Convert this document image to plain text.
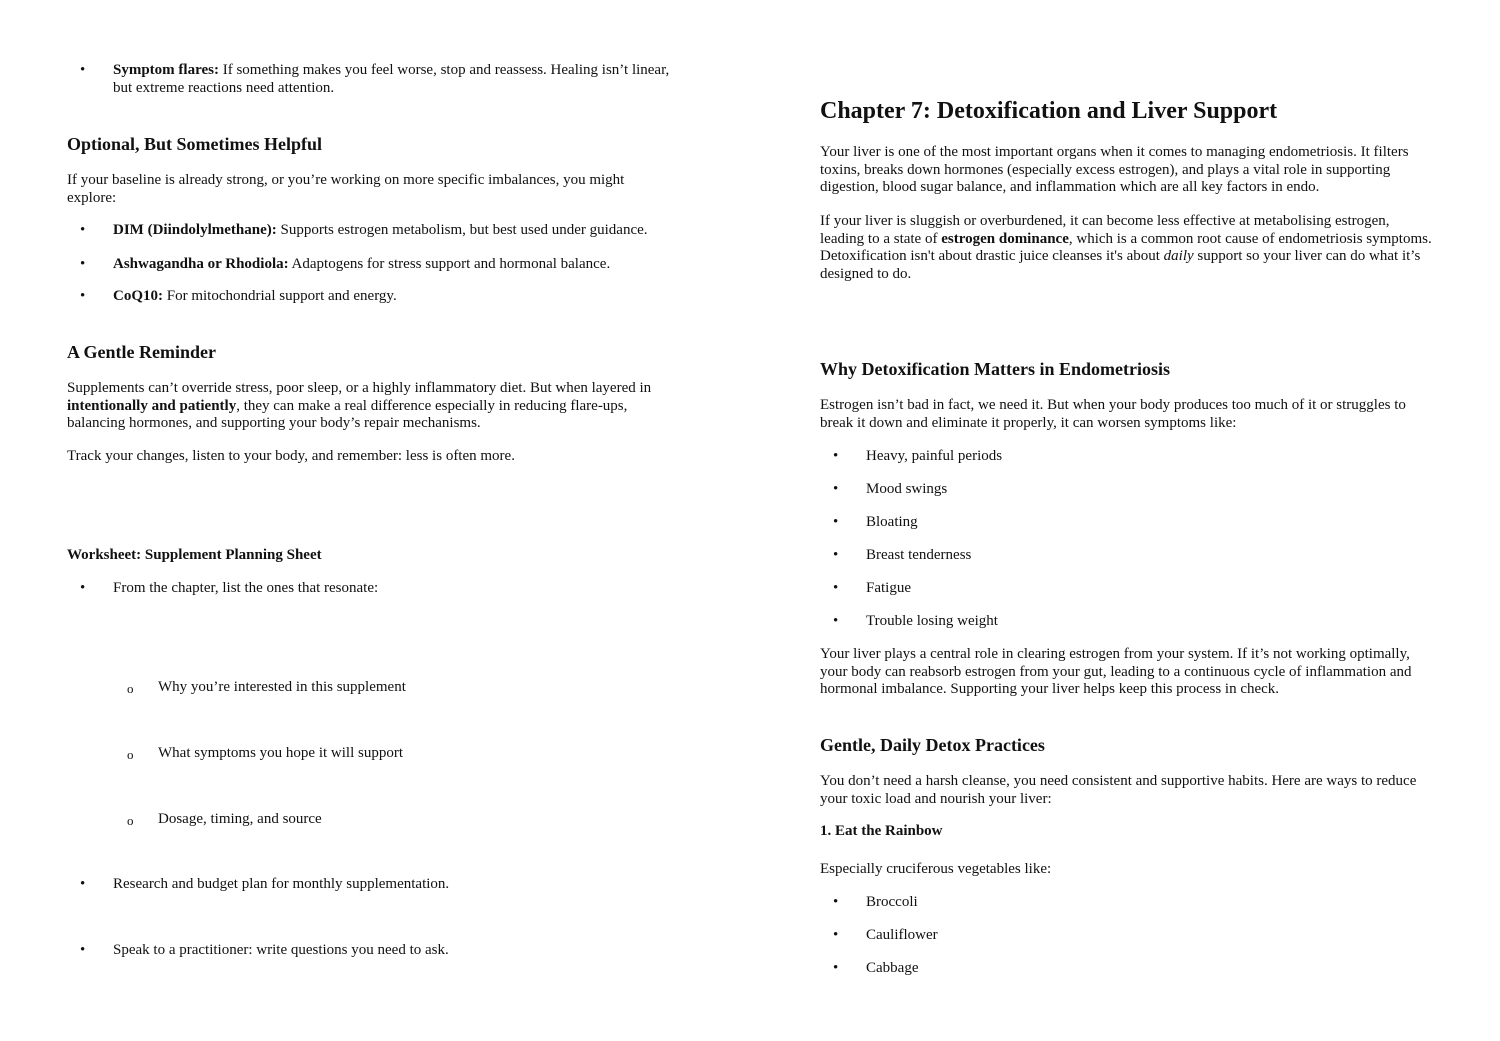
• Symptom flares: If something makes you feel worse, stop and reassess. Healing isn’t linear, but extreme reactions need attention.
Optional, But Sometimes Helpful

If your baseline is already strong, or you’re working on more specific imbalances, you might explore:

• DIM (Diindolylmethane): Supports estrogen metabolism, but best used under guidance.
• Ashwagandha or Rhodiola: Adaptogens for stress support and hormonal balance.
• CoQ10: For mitochondrial support and energy.
A Gentle Reminder

Supplements can’t override stress, poor sleep, or a highly inflammatory diet. But when layered in intentionally and patiently, they can make a real difference especially in reducing flare-ups, balancing hormones, and supporting your body’s repair mechanisms.

Track your changes, listen to your body, and remember: less is often more.

Worksheet: Supplement Planning Sheet
• From the chapter, list the ones that resonate:
o Why you’re interested in this supplement
o What symptoms you hope it will support
o Dosage, timing, and source
• Research and budget plan for monthly supplementation.
• Speak to a practitioner: write questions you need to ask.
Chapter 7: Detoxification and Liver Support

Your liver is one of the most important organs when it comes to managing endometriosis. It filters toxins, breaks down hormones (especially excess estrogen), and plays a vital role in supporting digestion, blood sugar balance, and inflammation which are all key factors in endo.

If your liver is sluggish or overburdened, it can become less effective at metabolising estrogen, leading to a state of estrogen dominance, which is a common root cause of endometriosis symptoms. Detoxification isn't about drastic juice cleanses it's about daily support so your liver can do what it’s designed to do.

Why Detoxification Matters in Endometriosis

Estrogen isn’t bad in fact, we need it. But when your body produces too much of it or struggles to break it down and eliminate it properly, it can worsen symptoms like:

• Heavy, painful periods
• Mood swings
• Bloating
• Breast tenderness
• Fatigue
• Trouble losing weight

Your liver plays a central role in clearing estrogen from your system. If it’s not working optimally, your body can reabsorb estrogen from your gut, leading to a continuous cycle of inflammation and hormonal imbalance. Supporting your liver helps keep this process in check.

Gentle, Daily Detox Practices

You don’t need a harsh cleanse, you need consistent and supportive habits. Here are ways to reduce your toxic load and nourish your liver:

1. Eat the Rainbow

Especially cruciferous vegetables like:

• Broccoli
• Cauliflower
• Cabbage
